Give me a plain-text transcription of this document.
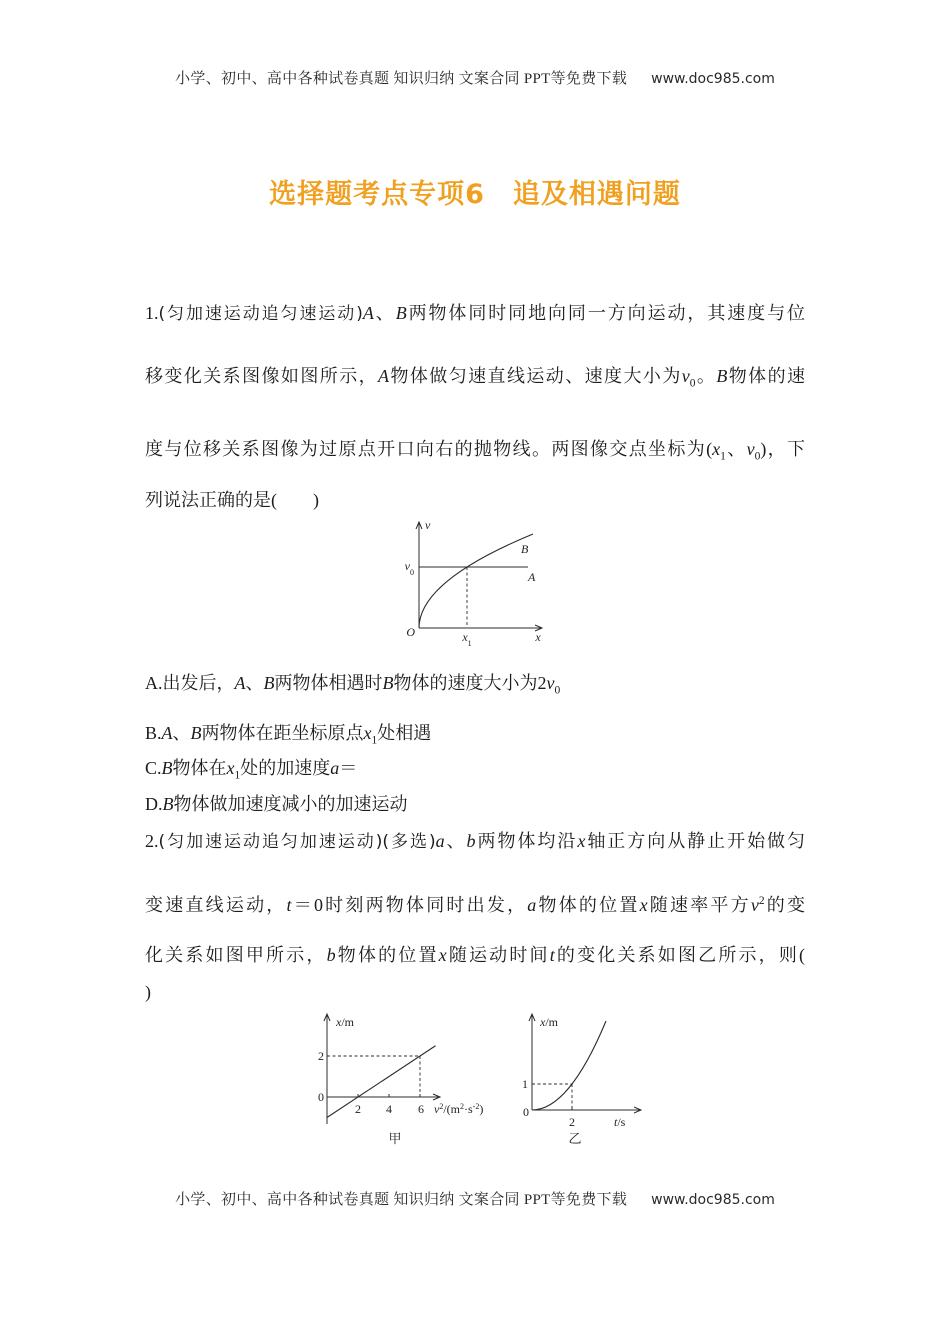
小学、初中、高中各种试卷真题 知识归纳 文案合同 PPT等免费下载 www.doc985.com
选择题考点专项6　追及相遇问题
1.(匀加速运动追匀速运动)A、B两物体同时同地向同一方向运动，其速度与位
移变化关系图像如图所示，A物体做匀速直线运动、速度大小为$v_0$。B物体的速
度与位移关系图像为过原点开口向右的抛物线。两图像交点坐标为($x_1$、$v_0$)，下
列说法正确的是(　　)
v
B
$v_0$	A
O	$x_1$	x
A.出发后，A、B两物体相遇时B物体的速度大小为$2v_0$
B.A、B两物体在距坐标原点$x_1$处相遇
C.B物体在$x_1$处的加速度a＝
D.B物体做加速度减小的加速运动
2.(匀加速运动追匀加速运动)(多选)a、b两物体均沿x轴正方向从静止开始做匀
变速直线运动，t＝0时刻两物体同时出发，a物体的位置x随速率平方$v^2$的变
化关系如图甲所示，b物体的位置x随运动时间t的变化关系如图乙所示，则(
)
x/m
2
0
2 4 6 $v^2/(m^2\cdot s^{-2})$
甲
x/m
1
0
2	t/s
乙
小学、初中、高中各种试卷真题 知识归纳 文案合同 PPT等免费下载 www.doc985.com
